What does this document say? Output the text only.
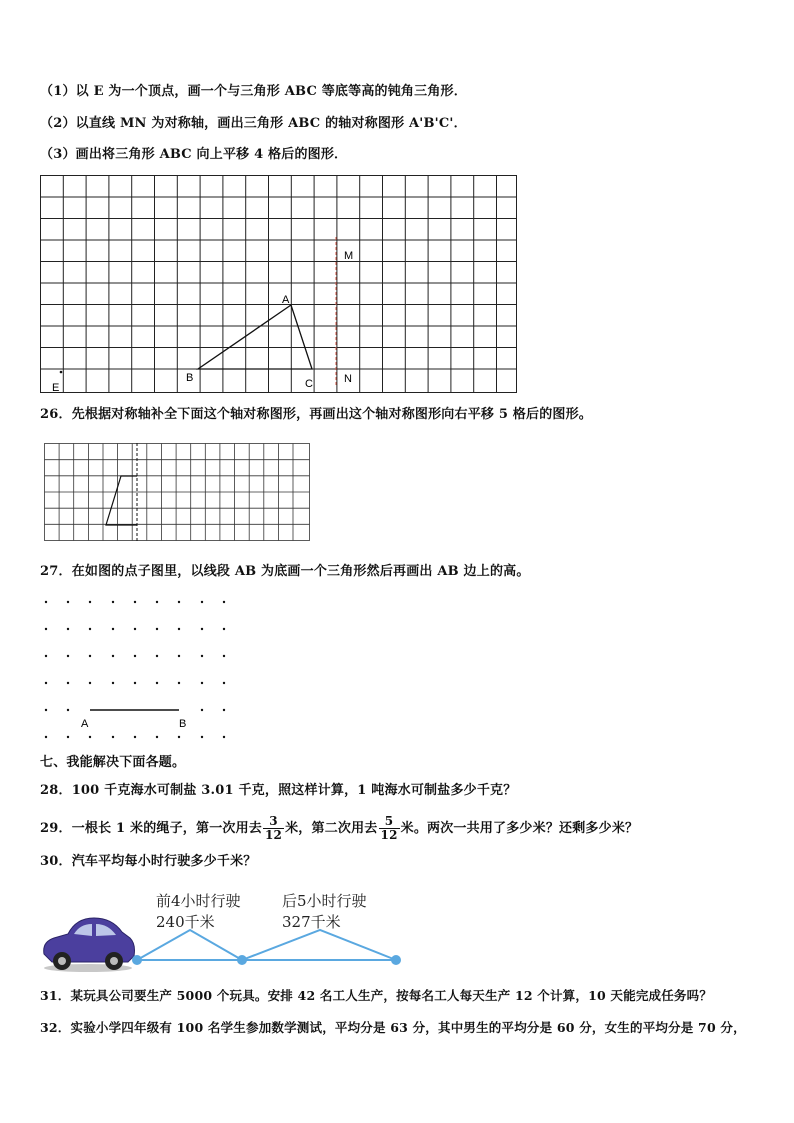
（1）以 E 为一个顶点，画一个与三角形 ABC 等底等高的钝角三角形．
（2）以直线 MN 为对称轴，画出三角形 ABC 的轴对称图形 A'B'C'．
（3）画出将三角形 ABC 向上平移 4 格后的图形．
A
B	C
M
N
E
26．先根据对称轴补全下面这个轴对称图形，再画出这个轴对称图形向右平移 5 格后的图形。
27．在如图的点子图里，以线段 AB 为底画一个三角形然后再画出 AB 边上的高。
A	B
七、我能解决下面各题。
28．100 千克海水可制盐 3.01 千克，照这样计算，1 吨海水可制盐多少千克？
29．一根长 1 米的绳子，第一次用去 $\frac{3}{12}$ 米，第二次用去 $\frac{5}{12}$ 米。两次一共用了多少米？还剩多少米？
30．汽车平均每小时行驶多少千米？
前4小时行驶
240千米
后5小时行驶
327千米
31．某玩具公司要生产 5000 个玩具。安排 42 名工人生产，按每名工人每天生产 12 个计算，10 天能完成任务吗？
32．实验小学四年级有 100 名学生参加数学测试，平均分是 63 分，其中男生的平均分是 60 分，女生的平均分是 70 分，
